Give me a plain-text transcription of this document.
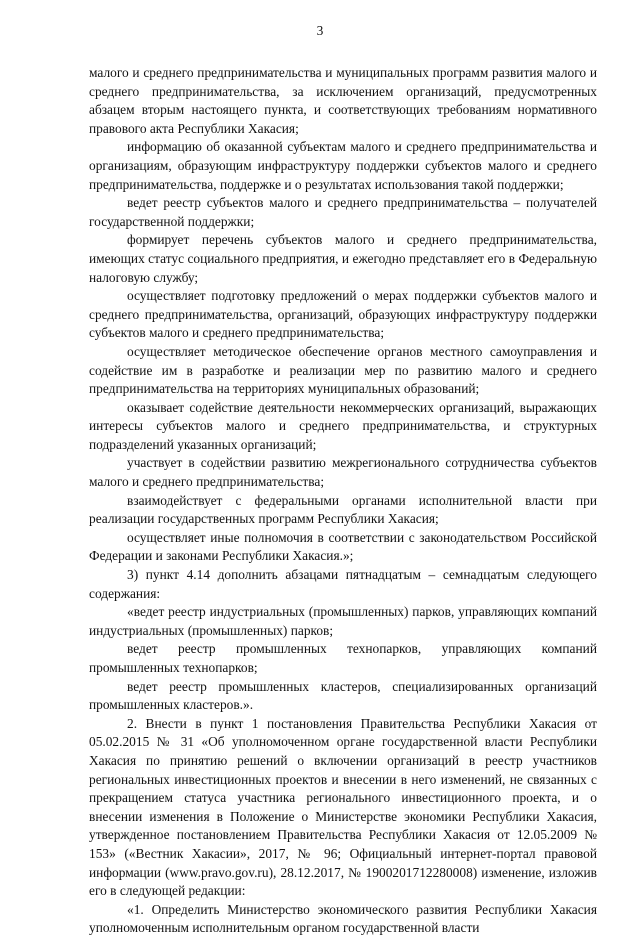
3

малого и среднего предпринимательства и муниципальных программ развития малого и среднего предпринимательства, за исключением организаций, предусмотренных абзацем вторым настоящего пункта, и соответствующих требованиям нормативного правового акта Республики Хакасия;

информацию об оказанной субъектам малого и среднего предпринимательства и организациям, образующим инфраструктуру поддержки субъектов малого и среднего предпринимательства, поддержке и о результатах использования такой поддержки;

ведет реестр субъектов малого и среднего предпринимательства – получателей государственной поддержки;

формирует перечень субъектов малого и среднего предпринимательства, имеющих статус социального предприятия, и ежегодно представляет его в Федеральную налоговую службу;

осуществляет подготовку предложений о мерах поддержки субъектов малого и среднего предпринимательства, организаций, образующих инфраструктуру поддержки субъектов малого и среднего предпринимательства;

осуществляет методическое обеспечение органов местного самоуправления и содействие им в разработке и реализации мер по развитию малого и среднего предпринимательства на территориях муниципальных образований;

оказывает содействие деятельности некоммерческих организаций, выражающих интересы субъектов малого и среднего предпринимательства, и структурных подразделений указанных организаций;

участвует в содействии развитию межрегионального сотрудничества субъектов малого и среднего предпринимательства;

взаимодействует с федеральными органами исполнительной власти при реализации государственных программ Республики Хакасия;

осуществляет иные полномочия в соответствии с законодательством Российской Федерации и законами Республики Хакасия.»;

3) пункт 4.14 дополнить абзацами пятнадцатым – семнадцатым следующего содержания:

«ведет реестр индустриальных (промышленных) парков, управляющих компаний индустриальных (промышленных) парков;

ведет реестр промышленных технопарков, управляющих компаний промышленных технопарков;

ведет реестр промышленных кластеров, специализированных организаций промышленных кластеров.».

2. Внести в пункт 1 постановления Правительства Республики Хакасия от 05.02.2015 № 31 «Об уполномоченном органе государственной власти Республики Хакасия по принятию решений о включении организаций в реестр участников региональных инвестиционных проектов и внесении в него изменений, не связанных с прекращением статуса участника регионального инвестиционного проекта, и о внесении изменения в Положение о Министерстве экономики Республики Хакасия, утвержденное постановлением Правительства Республики Хакасия от 12.05.2009 № 153» («Вестник Хакасии», 2017, № 96; Официальный интернет-портал правовой информации (www.pravo.gov.ru), 28.12.2017, № 1900201712280008) изменение, изложив его в следующей редакции:

«1. Определить Министерство экономического развития Республики Хакасия уполномоченным исполнительным органом государственной власти
